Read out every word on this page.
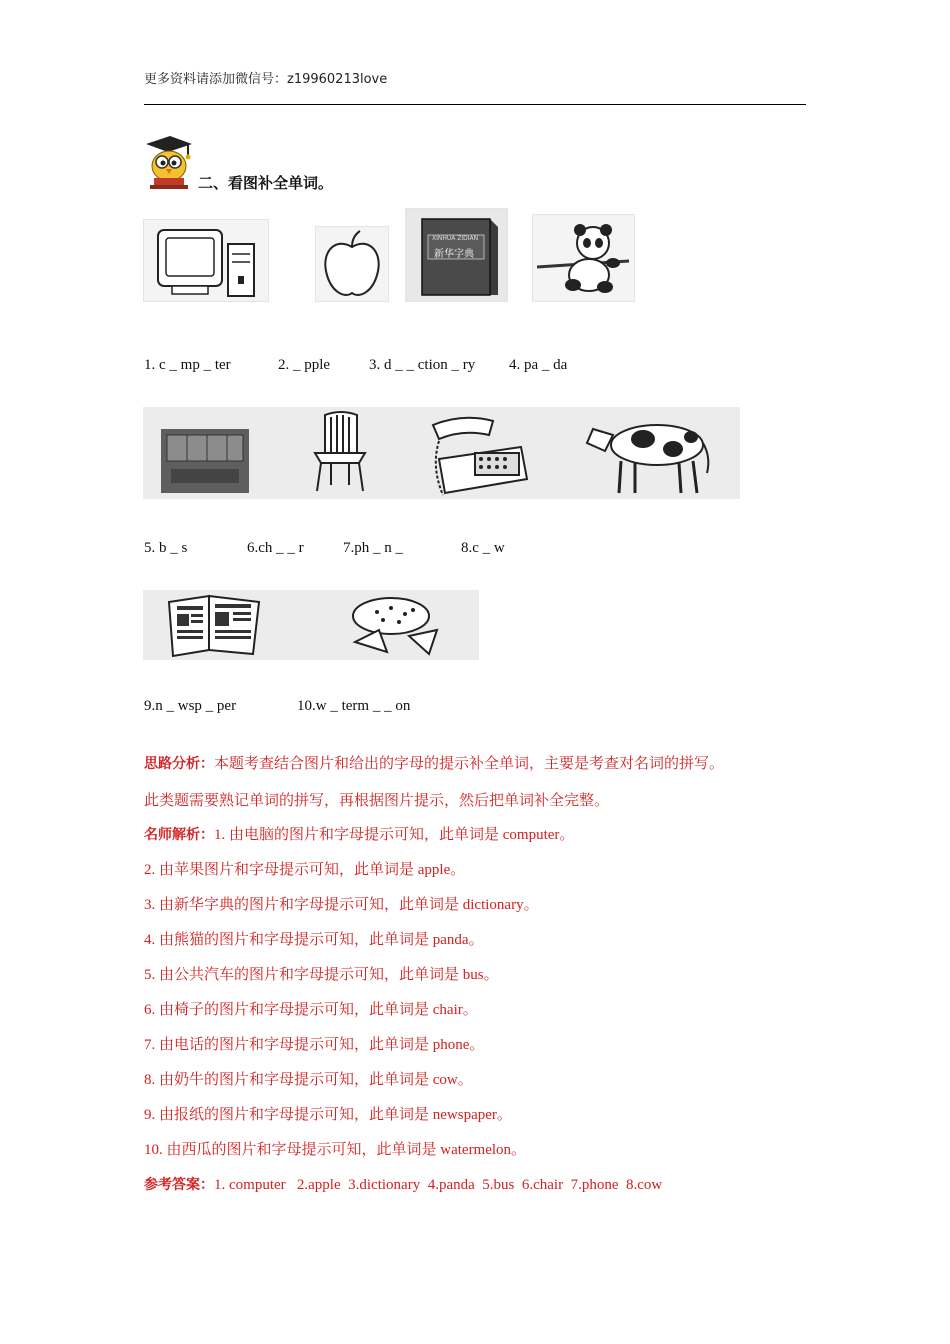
更多资料请添加微信号：z19960213love
二、看图补全单词。
XINHUA ZIDIAN
新华字典
1. c _ mp _ ter	2. _ pple	3. d _ _ ction _ ry 4. pa _ da
5. b _ s	6.ch _ _ r	7.ph _ n _	8.c _ w
9.n _ wsp _ per	10.w _ term _ _ on
思路分析：本题考查结合图片和给出的字母的提示补全单词，主要是考查对名词的拼写。
此类题需要熟记单词的拼写，再根据图片提示，然后把单词补全完整。
名师解析：1. 由电脑的图片和字母提示可知，此单词是 computer。
2. 由苹果图片和字母提示可知，此单词是 apple。
3. 由新华字典的图片和字母提示可知，此单词是 dictionary。
4. 由熊猫的图片和字母提示可知，此单词是 panda。
5. 由公共汽车的图片和字母提示可知，此单词是 bus。
6. 由椅子的图片和字母提示可知，此单词是 chair。
7. 由电话的图片和字母提示可知，此单词是 phone。
8. 由奶牛的图片和字母提示可知，此单词是 cow。
9. 由报纸的图片和字母提示可知，此单词是 newspaper。
10. 由西瓜的图片和字母提示可知，此单词是 watermelon。
参考答案：1. computer   2.apple  3.dictionary  4.panda  5.bus  6.chair  7.phone  8.cow
